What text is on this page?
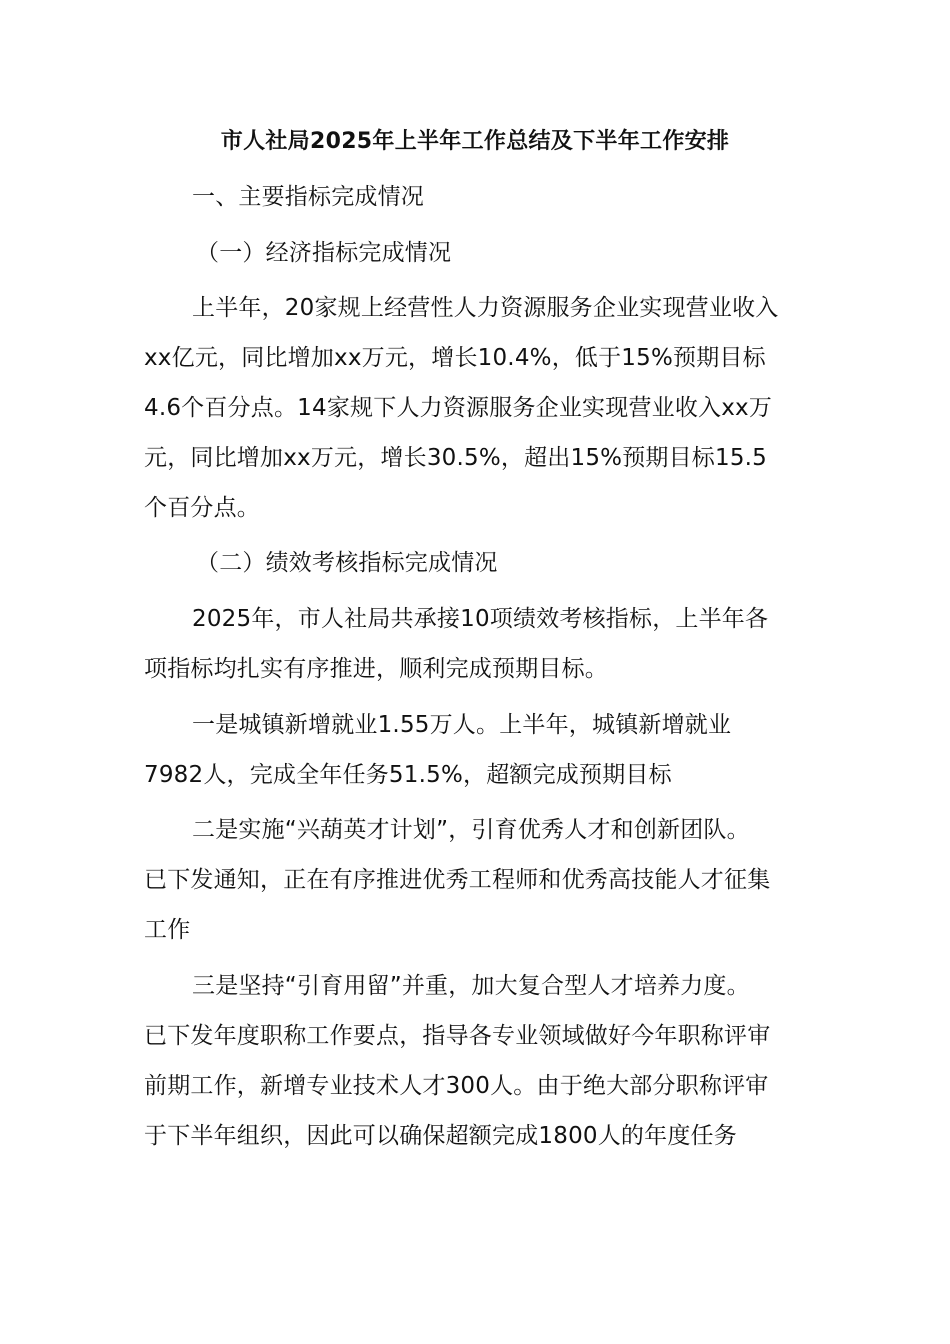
市人社局2025年上半年工作总结及下半年工作安排
一、主要指标完成情况
（一）经济指标完成情况
上半年，20家规上经营性人力资源服务企业实现营业收入
xx亿元，同比增加xx万元，增长10.4%，低于15%预期目标
4.6个百分点。14家规下人力资源服务企业实现营业收入xx万
元，同比增加xx万元，增长30.5%，超出15%预期目标15.5
个百分点。
（二）绩效考核指标完成情况
2025年，市人社局共承接10项绩效考核指标，上半年各
项指标均扎实有序推进，顺利完成预期目标。
一是城镇新增就业1.55万人。上半年，城镇新增就业
7982人，完成全年任务51.5%，超额完成预期目标
二是实施“兴葫英才计划”，引育优秀人才和创新团队。
已下发通知，正在有序推进优秀工程师和优秀高技能人才征集
工作
三是坚持“引育用留”并重，加大复合型人才培养力度。
已下发年度职称工作要点，指导各专业领域做好今年职称评审
前期工作，新增专业技术人才300人。由于绝大部分职称评审
于下半年组织，因此可以确保超额完成1800人的年度任务
